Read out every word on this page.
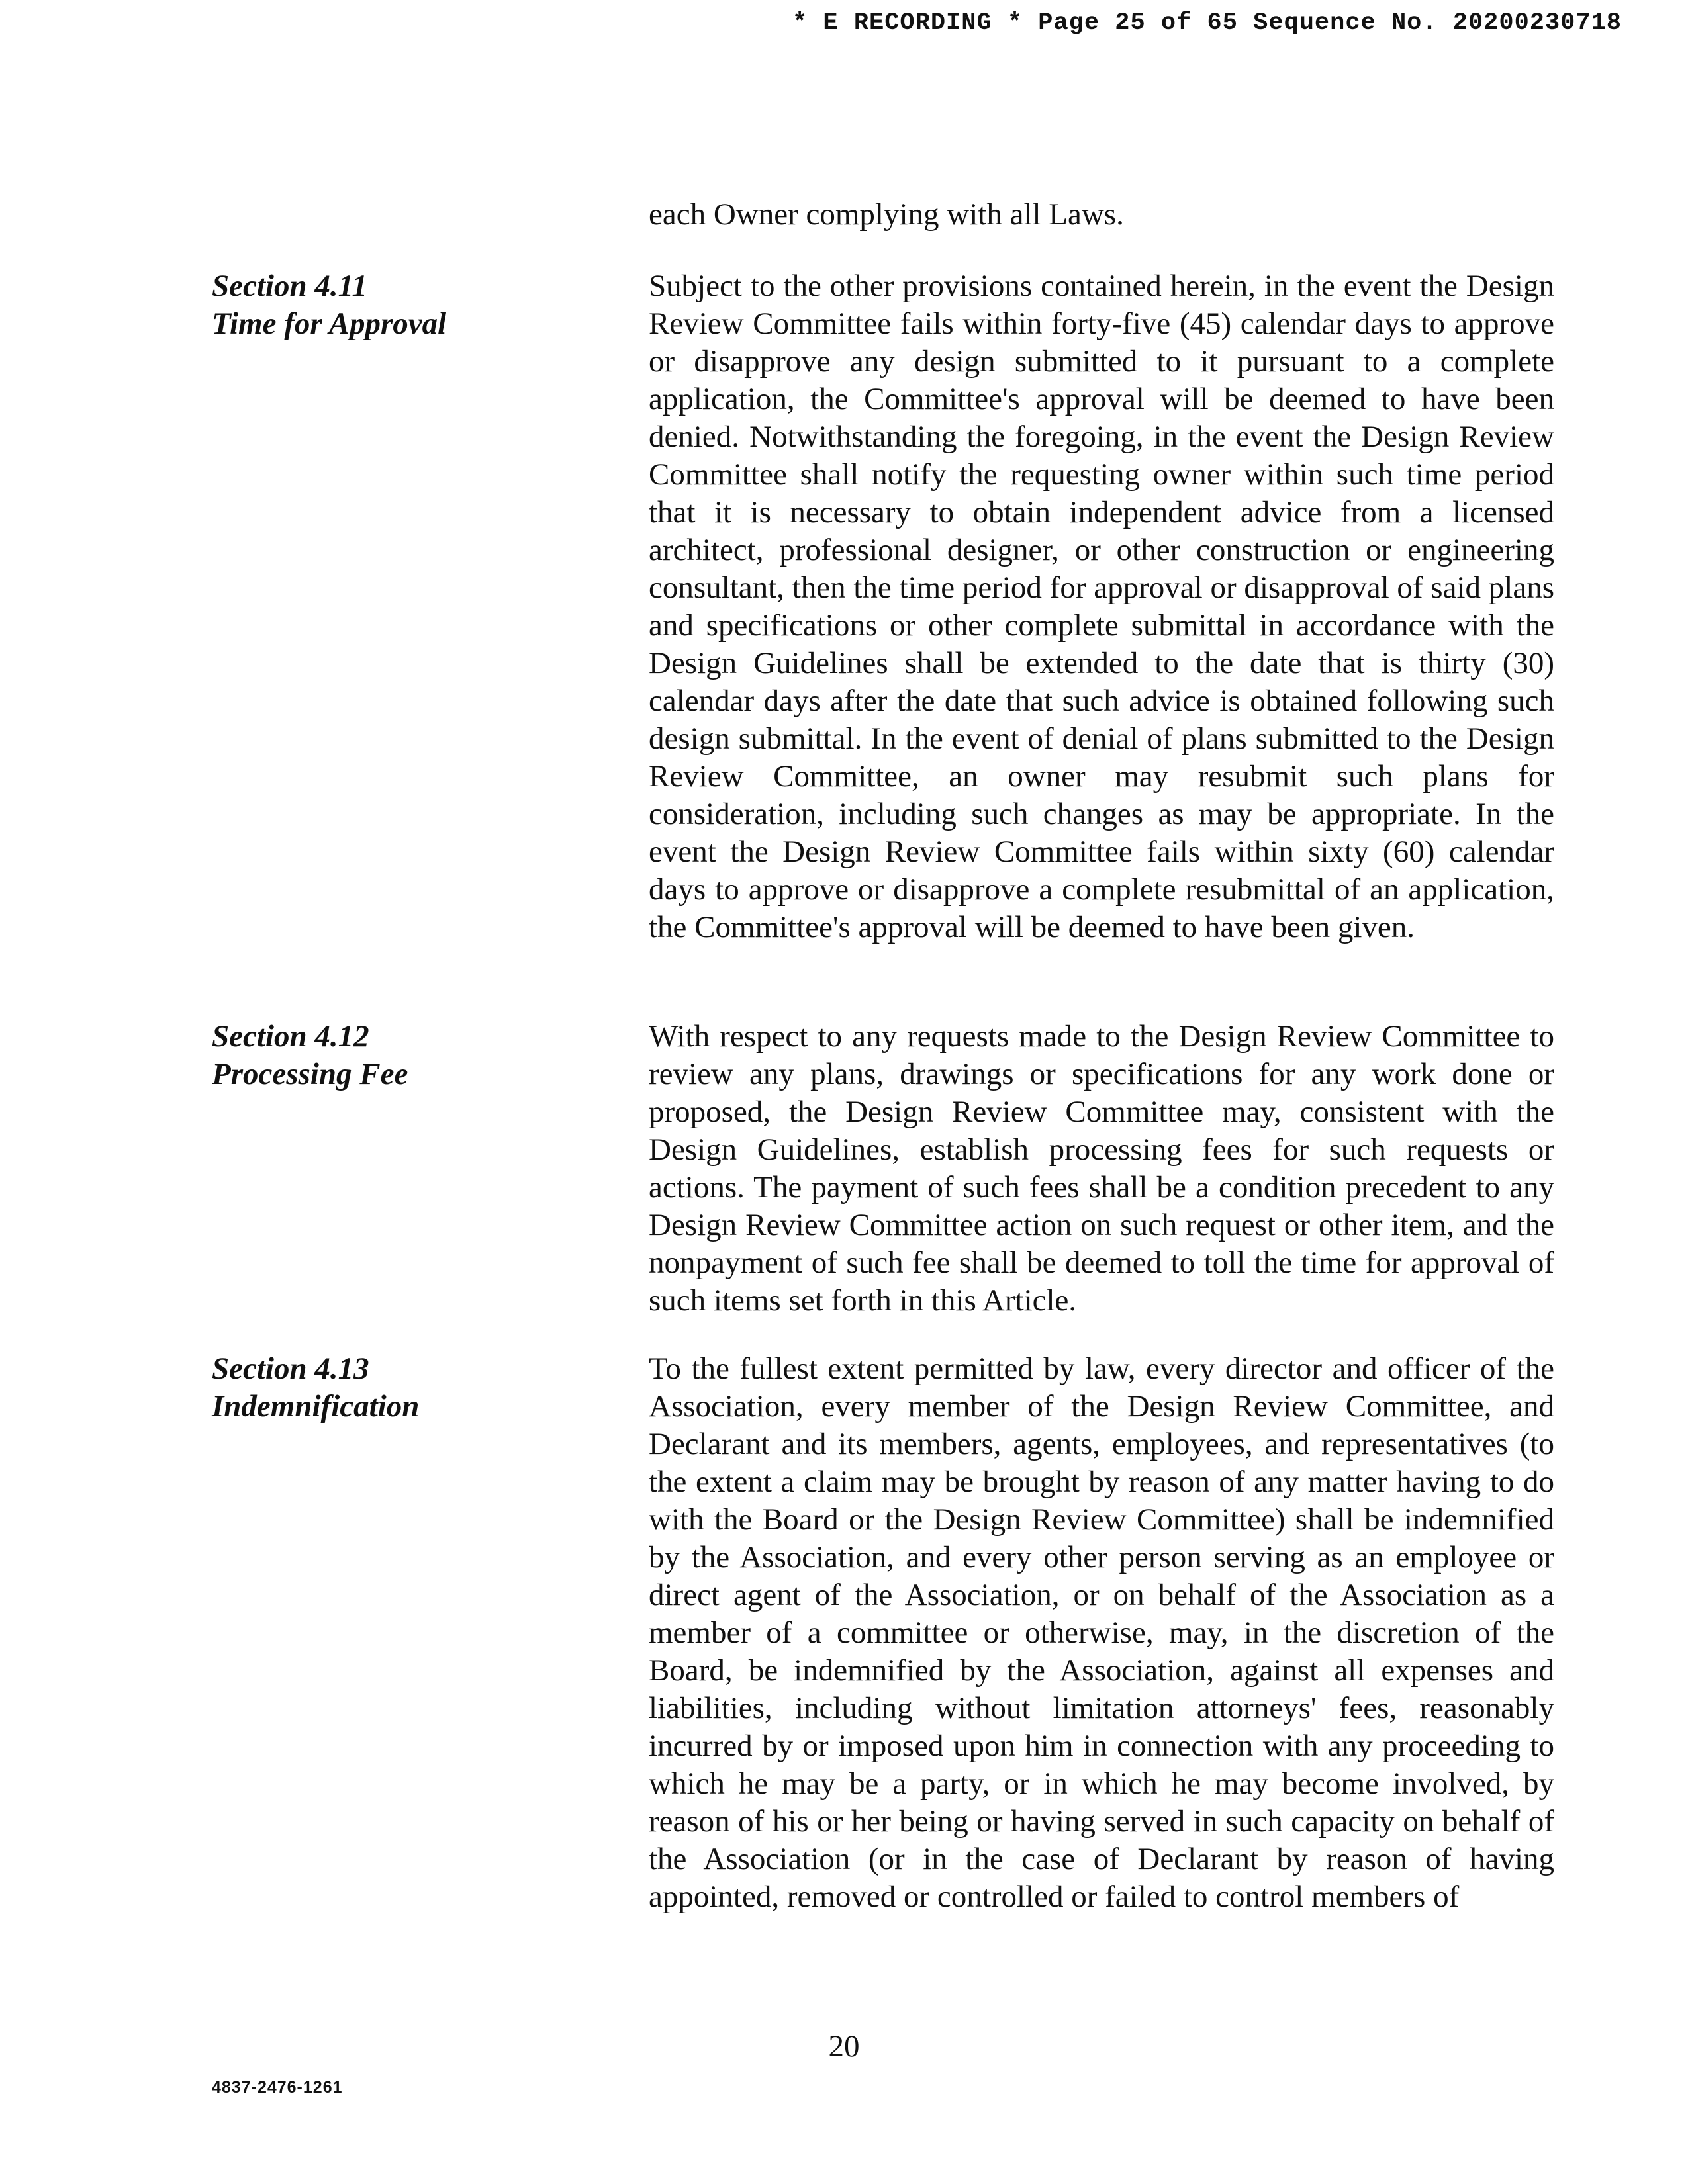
* E RECORDING * Page 25 of 65 Sequence No. 20200230718

each Owner complying with all Laws.

Section 4.11
Time for Approval

Subject to the other provisions contained herein, in the event the Design Review Committee fails within forty-five (45) calendar days to approve or disapprove any design submitted to it pursuant to a complete application, the Committee's approval will be deemed to have been denied. Notwithstanding the foregoing, in the event the Design Review Committee shall notify the requesting owner within such time period that it is necessary to obtain independent advice from a licensed architect, professional designer, or other construction or engineering consultant, then the time period for approval or disapproval of said plans and specifications or other complete submittal in accordance with the Design Guidelines shall be extended to the date that is thirty (30) calendar days after the date that such advice is obtained following such design submittal. In the event of denial of plans submitted to the Design Review Committee, an owner may resubmit such plans for consideration, including such changes as may be appropriate. In the event the Design Review Committee fails within sixty (60) calendar days to approve or disapprove a complete resubmittal of an application, the Committee's approval will be deemed to have been given.

Section 4.12
Processing Fee

With respect to any requests made to the Design Review Committee to review any plans, drawings or specifications for any work done or proposed, the Design Review Committee may, consistent with the Design Guidelines, establish processing fees for such requests or actions. The payment of such fees shall be a condition precedent to any Design Review Committee action on such request or other item, and the nonpayment of such fee shall be deemed to toll the time for approval of such items set forth in this Article.

Section 4.13
Indemnification

To the fullest extent permitted by law, every director and officer of the Association, every member of the Design Review Committee, and Declarant and its members, agents, employees, and representatives (to the extent a claim may be brought by reason of any matter having to do with the Board or the Design Review Committee) shall be indemnified by the Association, and every other person serving as an employee or direct agent of the Association, or on behalf of the Association as a member of a committee or otherwise, may, in the discretion of the Board, be indemnified by the Association, against all expenses and liabilities, including without limitation attorneys' fees, reasonably incurred by or imposed upon him in connection with any proceeding to which he may be a party, or in which he may become involved, by reason of his or her being or having served in such capacity on behalf of the Association (or in the case of Declarant by reason of having appointed, removed or controlled or failed to control members of

20
4837-2476-1261
